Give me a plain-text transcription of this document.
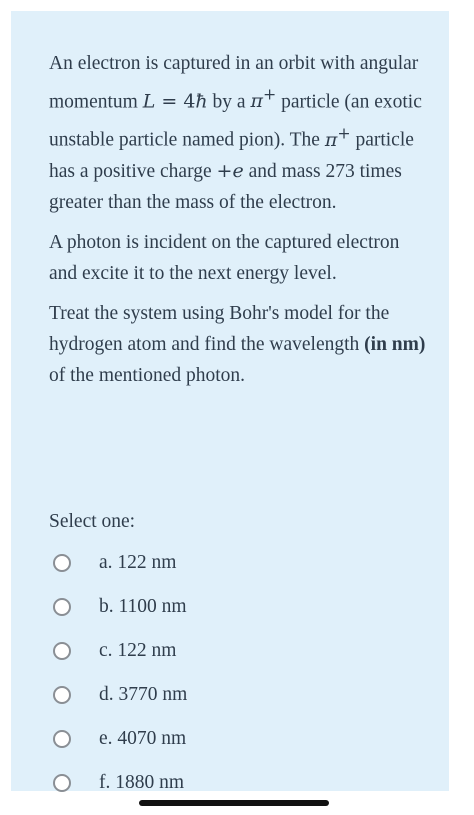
An electron is captured in an orbit with angular momentum L = 4ħ by a π+ particle (an exotic unstable particle named pion). The π+ particle has a positive charge +e and mass 273 times greater than the mass of the electron.

A photon is incident on the captured electron and excite it to the next energy level.

Treat the system using Bohr's model for the hydrogen atom and find the wavelength (in nm) of the mentioned photon.

Select one:
a. 122 nm
b. 1100 nm
c. 122 nm
d. 3770 nm
e. 4070 nm
f. 1880 nm
